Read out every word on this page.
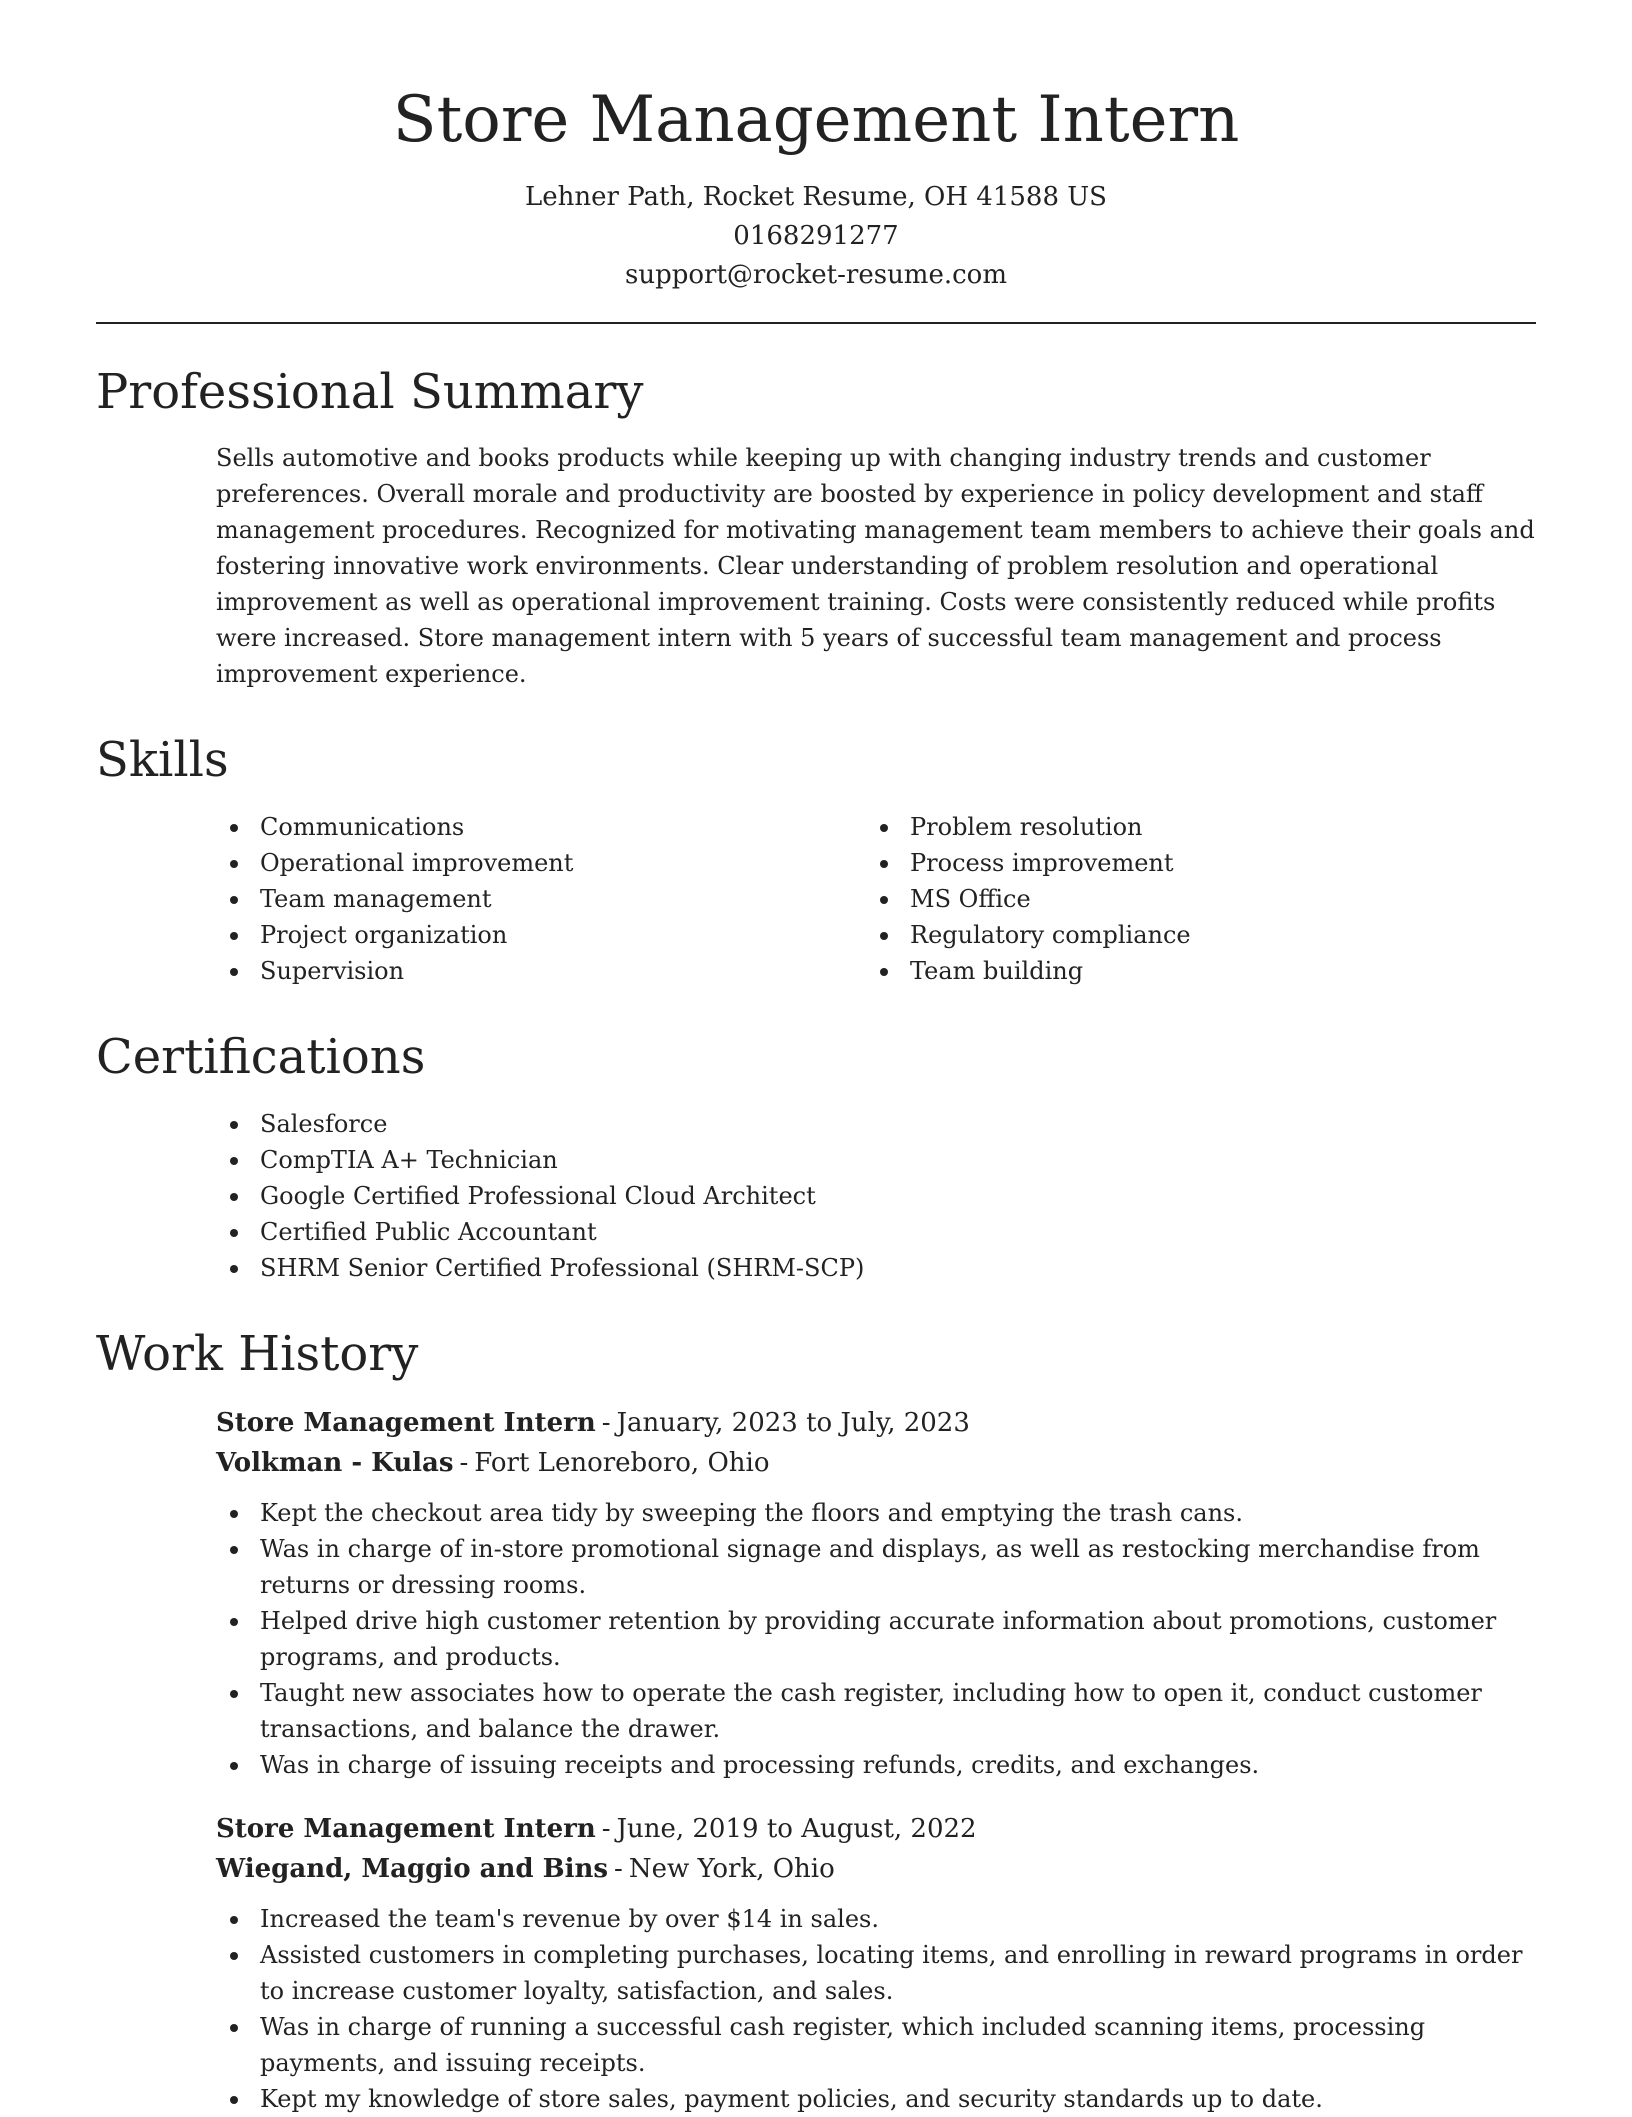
Store Management Intern
Lehner Path, Rocket Resume, OH 41588 US
0168291277
support@rocket-resume.com
Professional Summary
Sells automotive and books products while keeping up with changing industry trends and customer preferences. Overall morale and productivity are boosted by experience in policy development and staff management procedures. Recognized for motivating management team members to achieve their goals and fostering innovative work environments. Clear understanding of problem resolution and operational improvement as well as operational improvement training. Costs were consistently reduced while profits were increased. Store management intern with 5 years of successful team management and process improvement experience.
Skills
Communications
Operational improvement
Team management
Project organization
Supervision
Problem resolution
Process improvement
MS Office
Regulatory compliance
Team building
Certifications
Salesforce
CompTIA A+ Technician
Google Certified Professional Cloud Architect
Certified Public Accountant
SHRM Senior Certified Professional (SHRM-SCP)
Work History
Store Management Intern - January, 2023 to July, 2023
Volkman - Kulas - Fort Lenoreboro, Ohio
Kept the checkout area tidy by sweeping the floors and emptying the trash cans.
Was in charge of in-store promotional signage and displays, as well as restocking merchandise from returns or dressing rooms.
Helped drive high customer retention by providing accurate information about promotions, customer programs, and products.
Taught new associates how to operate the cash register, including how to open it, conduct customer transactions, and balance the drawer.
Was in charge of issuing receipts and processing refunds, credits, and exchanges.
Store Management Intern - June, 2019 to August, 2022
Wiegand, Maggio and Bins - New York, Ohio
Increased the team's revenue by over $14 in sales.
Assisted customers in completing purchases, locating items, and enrolling in reward programs in order to increase customer loyalty, satisfaction, and sales.
Was in charge of running a successful cash register, which included scanning items, processing payments, and issuing receipts.
Kept my knowledge of store sales, payment policies, and security standards up to date.
